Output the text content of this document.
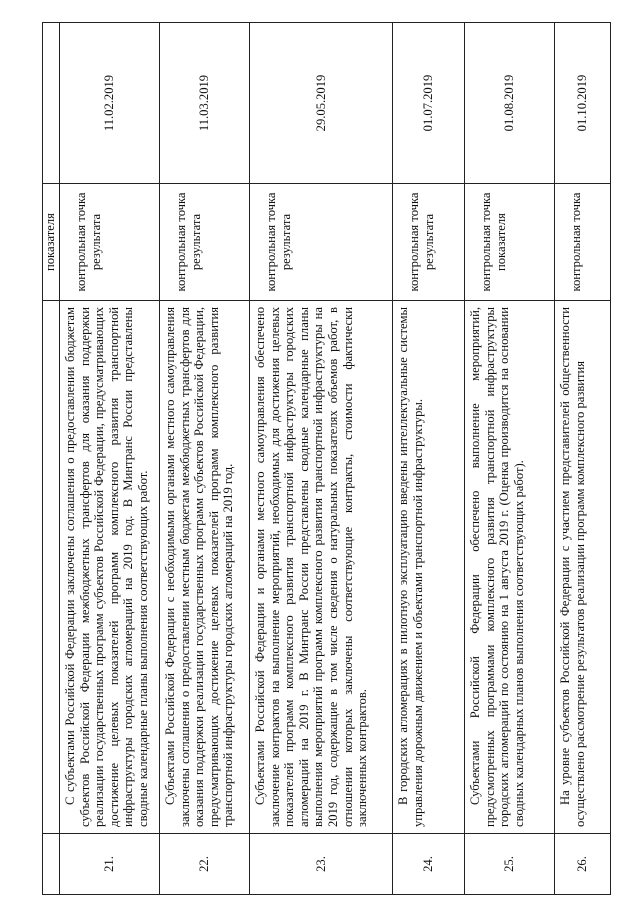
		показателя	
21.	С субъектами Российской Федерации заключены соглашения о предоставлении бюджетам субъектов Российской Федерации межбюджетных трансфертов для оказания поддержки реализации государственных программ субъектов Российской Федерации, предусматривающих достижение целевых показателей программ комплексного развития транспортной инфраструктуры городских агломераций на 2019 год. В Минтранс России представлены сводные календарные планы выполнения соответствующих работ.	контрольная точка результата	11.02.2019
22.	Субъектами Российской Федерации с необходимыми органами местного самоуправления заключены соглашения о предоставлении местным бюджетам межбюджетных трансфертов для оказания поддержки реализации государственных программ субъектов Российской Федерации, предусматривающих достижение целевых показателей программ комплексного развития транспортной инфраструктуры городских агломераций на 2019 год.	контрольная точка результата	11.03.2019
23.	Субъектами Российской Федерации и органами местного самоуправления обеспечено заключение контрактов на выполнение мероприятий, необходимых для достижения целевых показателей программ комплексного развития транспортной инфраструктуры городских агломераций на 2019 г. В Минтранс России представлены сводные календарные планы выполнения мероприятий программ комплексного развития транспортной инфраструктуры на 2019 год, содержащие в том числе сведения о натуральных показателях объемов работ, в отношении которых заключены соответствующие контракты, стоимости фактически заключенных контрактов.	контрольная точка результата	29.05.2019
24.	В городских агломерациях в пилотную эксплуатацию введены интеллектуальные системы управления дорожным движением и объектами транспортной инфраструктуры.	контрольная точка результата	01.07.2019
25.	Субъектами Российской Федерации обеспечено выполнение мероприятий, предусмотренных программами комплексного развития транспортной инфраструктуры городских агломераций по состоянию на 1 августа 2019 г. (Оценка производится на основании сводных календарных планов выполнения соответствующих работ).	контрольная точка показателя	01.08.2019
26.	На уровне субъектов Российской Федерации с участием представителей общественности осуществлено рассмотрение результатов реализации программ комплексного развития	контрольная точка	01.10.2019
